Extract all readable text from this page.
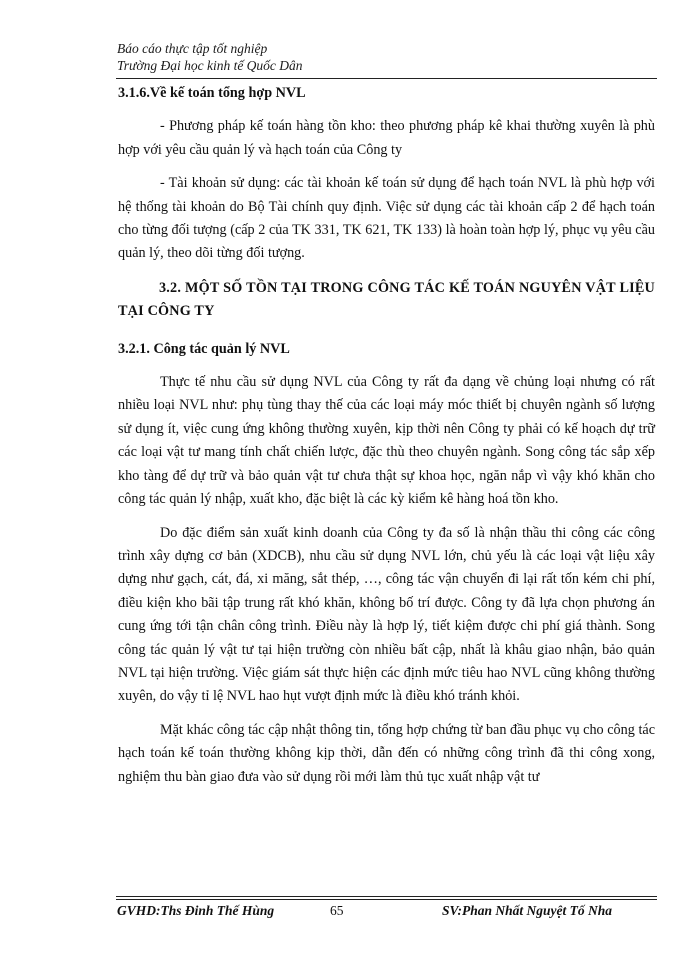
Báo cáo thực tập tốt nghiệp
Trường Đại học kinh tế Quốc Dân

3.1.6.Về kế toán tổng hợp NVL

- Phương pháp kế toán hàng tồn kho: theo phương pháp kê khai thường xuyên là phù hợp với yêu cầu quản lý và hạch toán của Công ty

- Tài khoản sử dụng: các tài khoản kế toán sử dụng để hạch toán NVL là phù hợp với hệ thống tài khoản do Bộ Tài chính quy định. Việc sử dụng các tài khoản cấp 2 để hạch toán cho từng đối tượng (cấp 2 của TK 331, TK 621, TK 133) là hoàn toàn hợp lý, phục vụ yêu cầu quản lý, theo dõi từng đối tượng.

3.2. MỘT SỐ TỒN TẠI TRONG CÔNG TÁC KẾ TOÁN NGUYÊN VẬT LIỆU TẠI CÔNG TY

3.2.1. Công tác quản lý NVL

Thực tế nhu cầu sử dụng NVL của Công ty rất đa dạng về chủng loại nhưng có rất nhiều loại NVL như: phụ tùng thay thế của các loại máy móc thiết bị chuyên ngành số lượng sử dụng ít, việc cung ứng không thường xuyên, kịp thời nên Công ty phải có kế hoạch dự trữ các loại vật tư mang tính chất chiến lược, đặc thù theo chuyên ngành. Song công tác sắp xếp kho tàng để dự trữ và bảo quản vật tư chưa thật sự khoa học, ngăn nắp vì vậy khó khăn cho công tác quản lý nhập, xuất kho, đặc biệt là các kỳ kiểm kê hàng hoá tồn kho.

Do đặc điểm sản xuất kinh doanh của Công ty đa số là nhận thầu thi công các công trình xây dựng cơ bản (XDCB), nhu cầu sử dụng NVL lớn, chủ yếu là các loại vật liệu xây dựng như gạch, cát, đá, xi măng, sắt thép, …, công tác vận chuyển đi lại rất tốn kém chi phí, điều kiện kho bãi tập trung rất khó khăn, không bố trí được. Công ty đã lựa chọn phương án cung ứng tới tận chân công trình. Điều này là hợp lý, tiết kiệm được chi phí giá thành. Song công tác quản lý vật tư tại hiện trường còn nhiều bất cập, nhất là khâu giao nhận, bảo quản NVL tại hiện trường. Việc giám sát thực hiện các định mức tiêu hao NVL cũng không thường xuyên, do vậy tỉ lệ NVL hao hụt vượt định mức là điều khó tránh khỏi.

Mặt khác công tác cập nhật thông tin, tổng hợp chứng từ ban đầu phục vụ cho công tác hạch toán kế toán thường không kịp thời, dẫn đến có những công trình đã thi công xong, nghiệm thu bàn giao đưa vào sử dụng rồi mới làm thủ tục xuất nhập vật tư

GVHD:Ths Đinh Thế Hùng	65	SV:Phan Nhất Nguyệt Tố Nha
